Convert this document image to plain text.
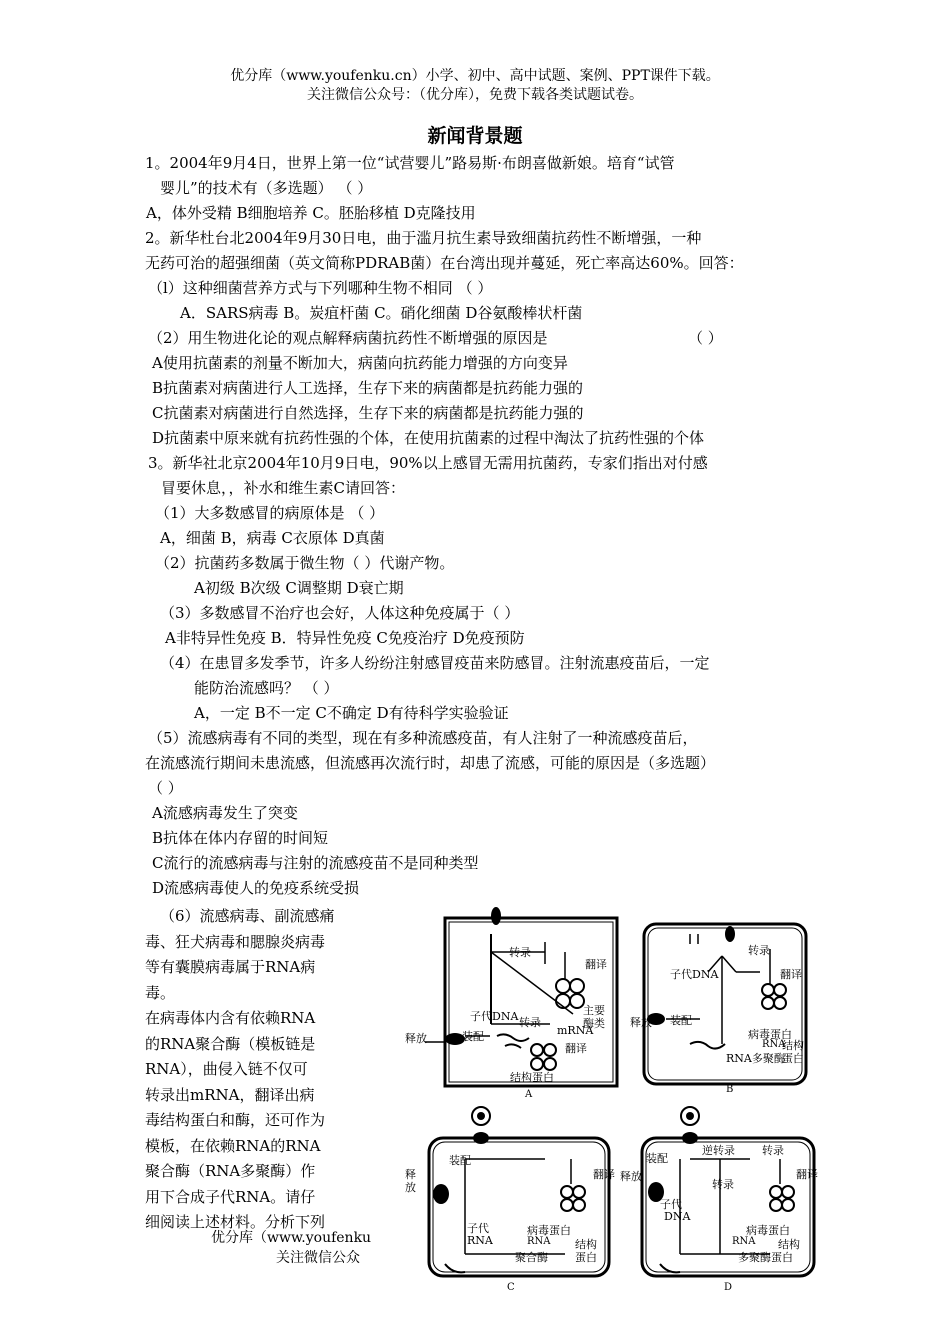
优分库（www.youfenku.cn）小学、初中、高中试题、案例、PPT课件下载。
关注微信公众号：（优分库），免费下载各类试题试卷。
新闻背景题
1。2004年9月4日，世界上第一位“试营婴儿”路易斯·布朗喜做新娘。培育“试管
婴儿”的技术有（多选题） （ ）
A，体外受精 B细胞培养 C。胚胎移植 D克隆技用
2。新华杜台北2004年9月30日电，曲于滥月抗生素导致细菌抗药性不断增强，一种
无药可治的超强细菌（英文简称PDRAB菌）在台湾出现并蔓延，死亡率高达60%。回答：
（l）这种细菌营养方式与下列哪种生物不相同 （ ）
A．SARS病毒 B。炭疽杆菌 C。硝化细菌 D谷氨酸棒状杆菌
（2）用生物进化论的观点解释病菌抗药性不断增强的原因是	（ ）
A使用抗菌素的剂量不断加大，病菌向抗药能力增强的方向变异
B抗菌素对病菌进行人工选择，生存下来的病菌都是抗药能力强的
C抗菌素对病菌进行自然选择，生存下来的病菌都是抗药能力强的
D抗菌素中原来就有抗药性强的个体，在使用抗菌素的过程中淘汰了抗药性强的个体
3。新华社北京2004年10月9日电，90%以上感冒无需用抗菌药，专家们指出对付感
冒要休息，，补水和维生素C请回答：
（1）大多数感冒的病原体是 （ ）
A，细菌 B，病毒 C衣原体 D真菌
（2）抗菌药多数属于微生物（ ）代谢产物。
A初级 B次级 C调整期 D衰亡期
（3）多数感冒不治疗也会好，人体这种免疫属于（ ）
A非特异性免疫 B．特异性免疫 C免疫治疗 D免疫预防
（4）在患冒多发季节，许多人纷纷注射感冒疫苗来防感冒。注射流惠疫苗后，一定
能防治流感吗？ （ ）
A，一定 B不一定 C不确定 D有待科学实验验证
（5）流感病毒有不同的类型，现在有多种流感疫苗，有人注射了一种流感疫苗后，
在流感流行期间未患流感，但流感再次流行时，却患了流感，可能的原因是（多选题）
（ ）
A流感病毒发生了突变
B抗体在体内存留的时间短
C流行的流感病毒与注射的流感疫苗不是同种类型
D流感病毒使人的免疫系统受损
（6）流感病毒、副流感痛
毒、狂犬病毒和腮腺炎病毒
等有囊膜病毒属于RNA病
毒。
在病毒体内含有依赖RNA
的RNA聚合酶（模板链是
RNA），曲侵入链不仅可
转录出mRNA，翻译出病
毒结构蛋白和酶，还可作为
模板，在依赖RNA的RNA
聚合酶（RNA多聚酶）作
用下合成子代RNA。请仔
细阅读上述材料。分析下列
优分库（www.youfenku
关注微信公众
转录
翻译
子代DNA 转录
主要酶类
mRNA
释放	装配
翻译
结构蛋白
A
子代DNA
转录
翻译
释放 装配
病毒蛋白
RNA
结构
RNA多聚酶
蛋白
B
释放
装配
翻译
子代
RNA
病毒蛋白
RNA 结构
聚合酶 蛋白
C
释放
装配
逆转录 转录
翻译
子代
DNA
转录
病毒蛋白
RNA 结构
多聚酶蛋白
D
